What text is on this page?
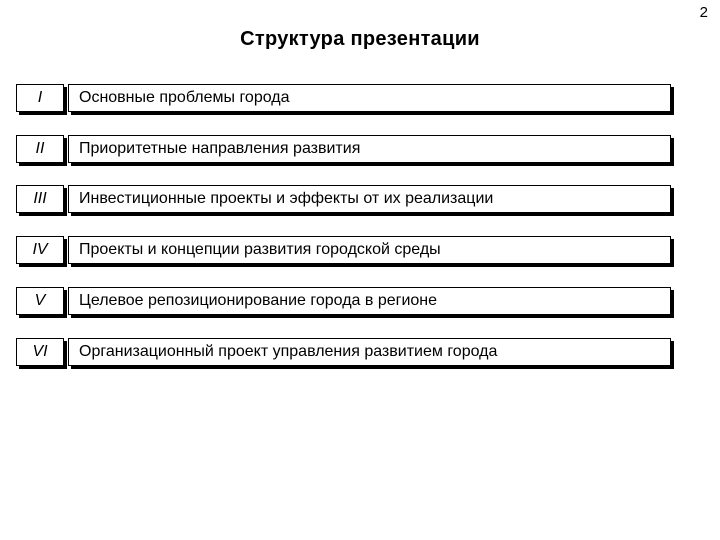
2
Структура презентации
I	Основные проблемы города
II	Приоритетные направления развития
III	Инвестиционные проекты и эффекты от их реализации
IV	Проекты и концепции развития городской среды
V	Целевое репозиционирование города в регионе
VI	Организационный проект управления развитием города
